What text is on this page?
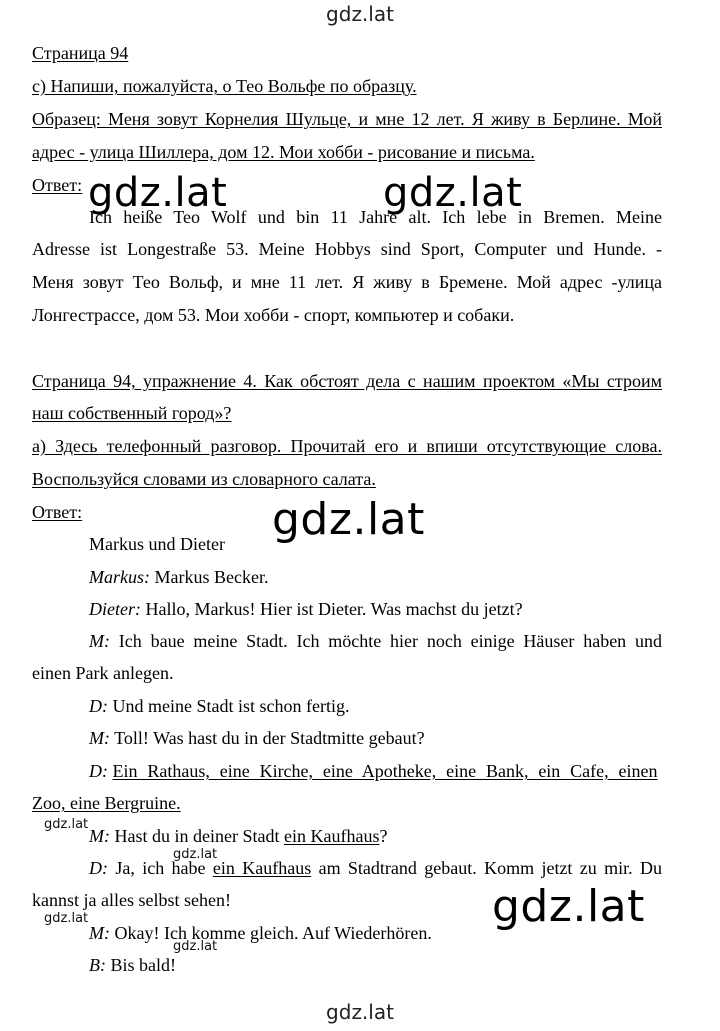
gdz.lat
gdz.lat	gdz.lat
gdz.lat
gdz.lat
gdz.lat
gdz.lat
gdz.lat
gdz.lat
gdz.lat
Страница 94
с) Напиши, пожалуйста, о Тео Вольфе по образцу.
Образец: Меня зовут Корнелия Шульце, и мне 12 лет. Я живу в Берлине. Мой
адрес - улица Шиллера, дом 12. Мои хобби - рисование и письма.
Ответ:
Ich heiße Teo Wolf und bin 11 Jahre alt. Ich lebe in Bremen. Meine
Adresse ist Longestraße 53. Meine Hobbys sind Sport, Computer und Hunde. -
Меня зовут Тео Вольф, и мне 11 лет. Я живу в Бремене. Мой адрес -улица
Лонгестрассе, дом 53. Мои хобби - спорт, компьютер и собаки.
Страница 94, упражнение 4. Как обстоят дела с нашим проектом «Мы строим
наш собственный город»?
а) Здесь телефонный разговор. Прочитай его и впиши отсутствующие слова.
Воспользуйся словами из словарного салата.
Ответ:
Markus und Dieter
Markus: Markus Becker.
Dieter: Hallo, Markus! Hier ist Dieter. Was machst du jetzt?
M: Ich baue meine Stadt. Ich möchte hier noch einige Häuser haben und
einen Park anlegen.
D: Und meine Stadt ist schon fertig.
M: Toll! Was hast du in der Stadtmitte gebaut?
D: Ein Rathaus, eine Kirche, eine Apotheke, eine Bank, ein Cafe, einen
Zoo, eine Bergruine.
M: Hast du in deiner Stadt ein Kaufhaus?
D: Ja, ich habe ein Kaufhaus am Stadtrand gebaut. Komm jetzt zu mir. Du
kannst ja alles selbst sehen!
M: Okay! Ich komme gleich. Auf Wiederhören.
B: Bis bald!
